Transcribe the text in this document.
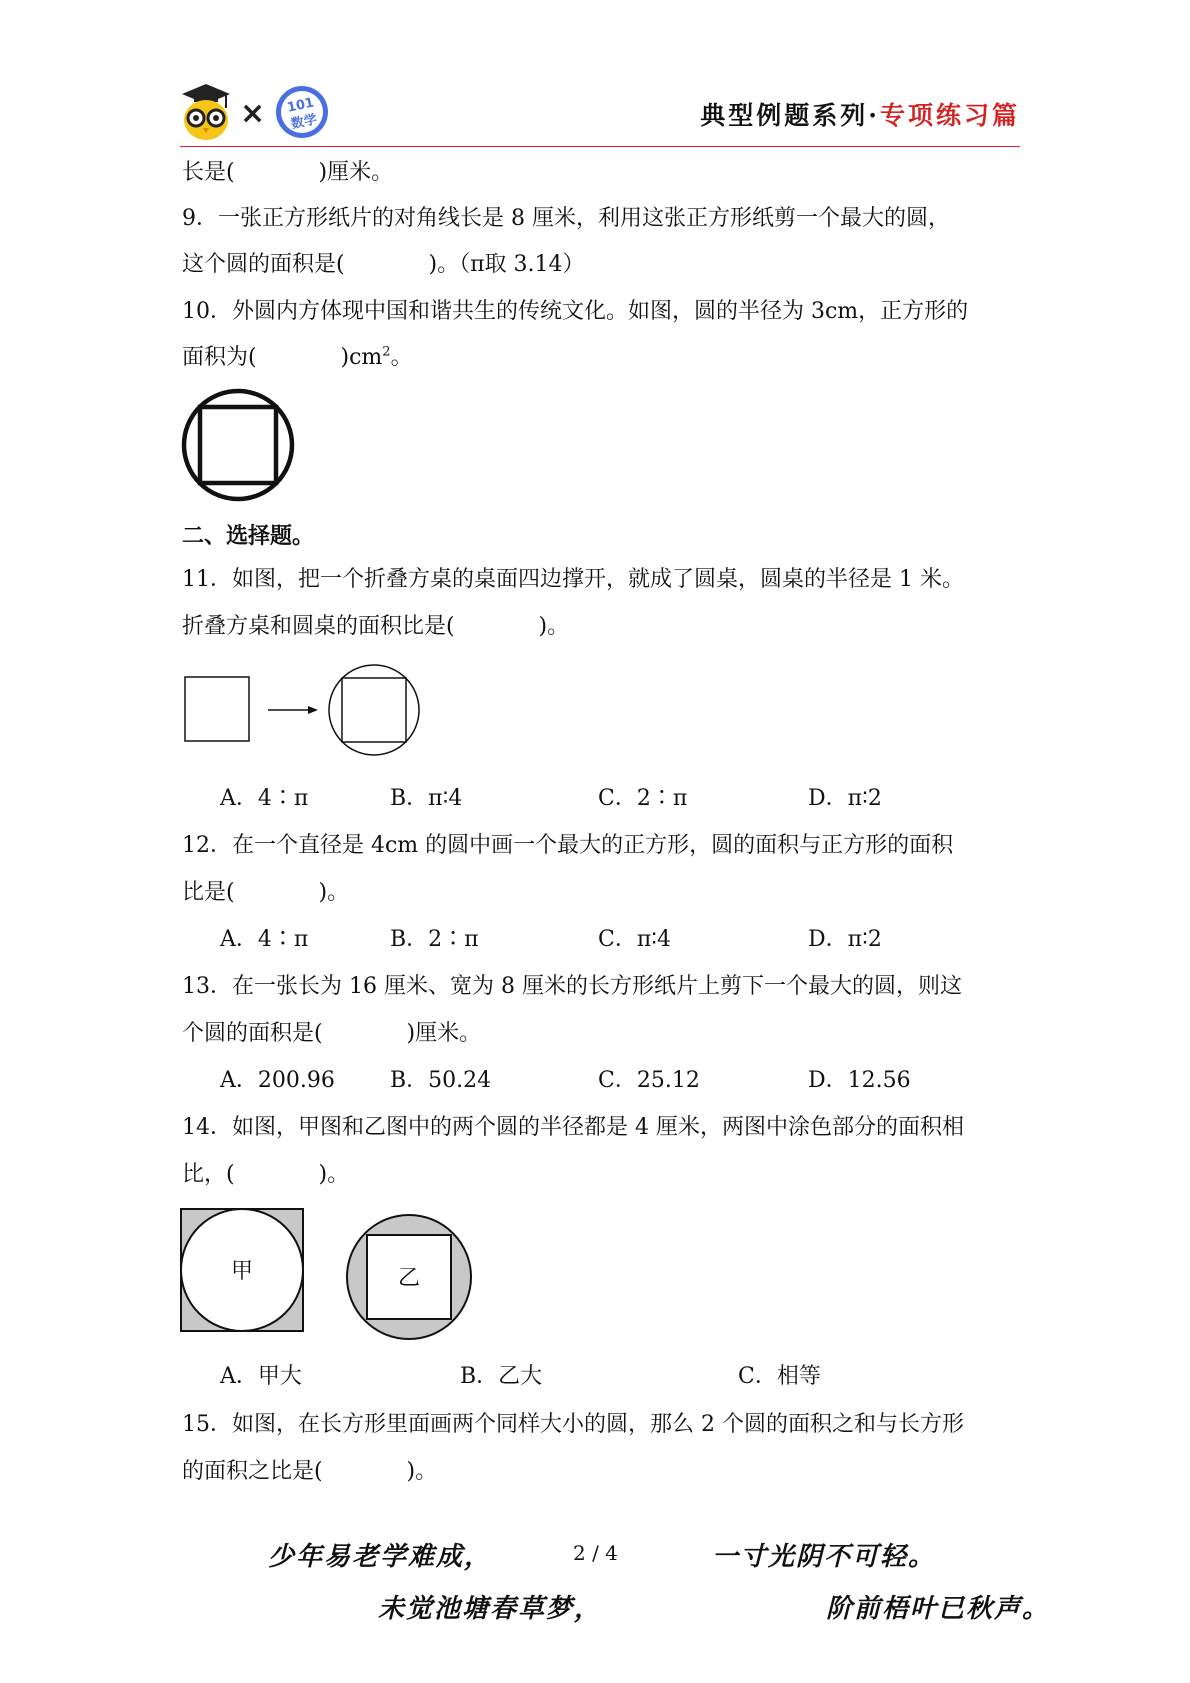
× 101
数学	典型例题系列·专项练习篇
长是(            )厘米。
9．一张正方形纸片的对角线长是 8 厘米，利用这张正方形纸剪一个最大的圆，
这个圆的面积是(            )。（π取 3.14）
10．外圆内方体现中国和谐共生的传统文化。如图，圆的半径为 3cm，正方形的
面积为(            )$cm^2$。
二、选择题。
11．如图，把一个折叠方桌的桌面四边撑开，就成了圆桌，圆桌的半径是 1 米。
折叠方桌和圆桌的面积比是(            )。
A．4∶π	B．π∶4	C．2∶π	D．π∶2
12．在一个直径是 4cm 的圆中画一个最大的正方形，圆的面积与正方形的面积
比是(            )。
A．4∶π	B．2∶π	C．π∶4	D．π∶2
13．在一张长为 16 厘米、宽为 8 厘米的长方形纸片上剪下一个最大的圆，则这
个圆的面积是(            )厘米。
A．200.96	B．50.24	C．25.12	D．12.56
14．如图，甲图和乙图中的两个圆的半径都是 4 厘米，两图中涂色部分的面积相
比，(            )。
甲	乙
A．甲大	B．乙大	C．相等
15．如图，在长方形里面画两个同样大小的圆，那么 2 个圆的面积之和与长方形
的面积之比是(            )。
少年易老学难成，	2 / 4	一寸光阴不可轻。
未觉池塘春草梦，	阶前梧叶已秋声。
